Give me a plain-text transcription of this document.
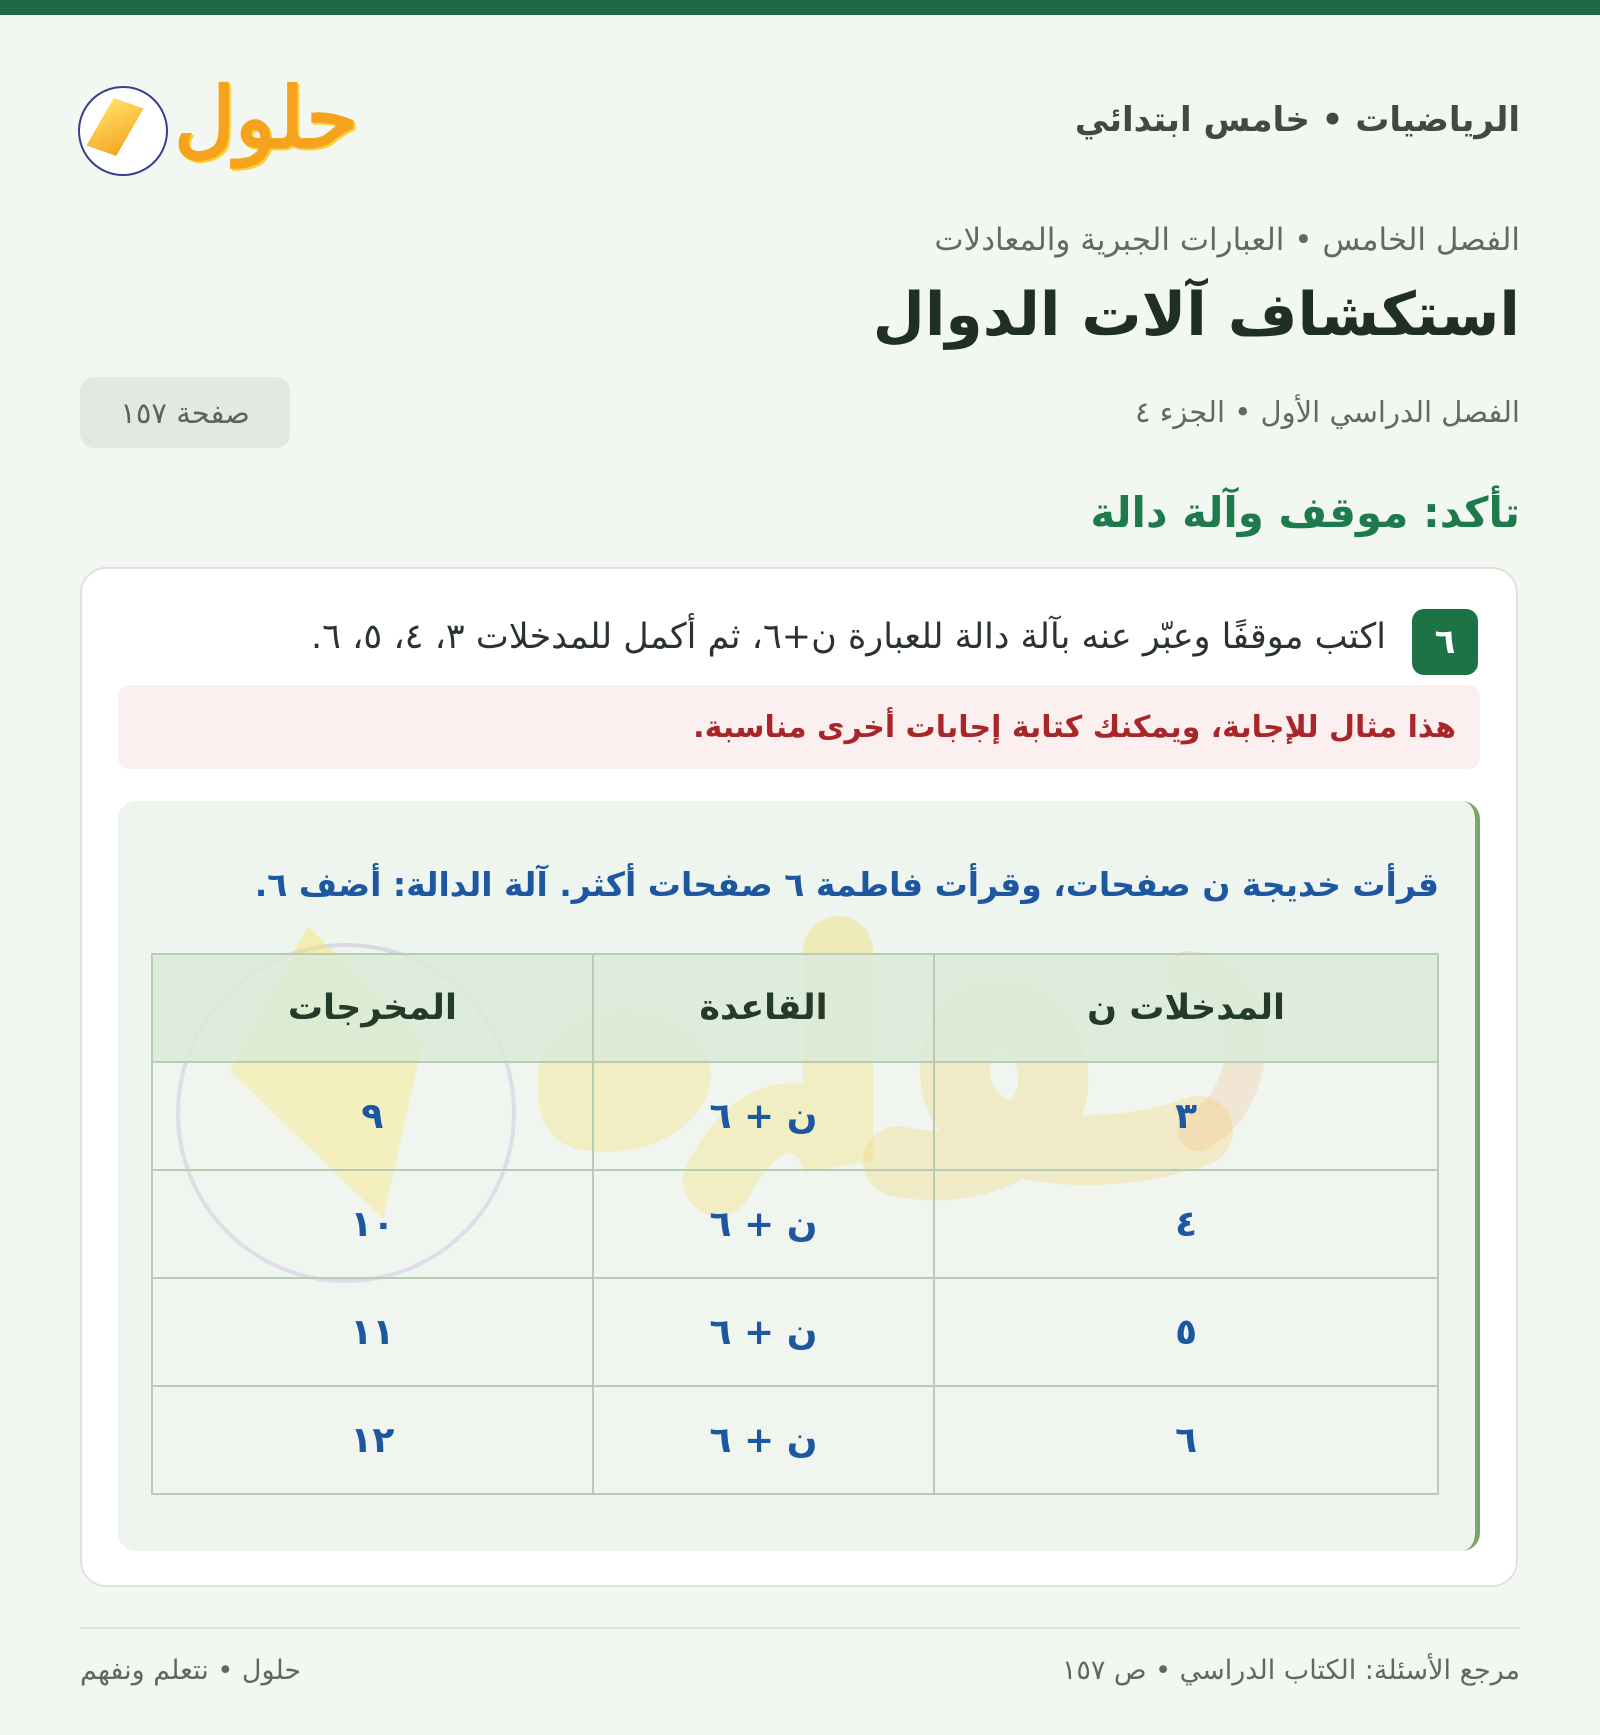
الرياضيات • خامس ابتدائي
حلول
الفصل الخامس • العبارات الجبرية والمعادلات
استكشاف آلات الدوال
الفصل الدراسي الأول • الجزء ٤
صفحة ١٥٧
تأكد: موقف وآلة دالة
٦
اكتب موقفًا وعبّر عنه بآلة دالة للعبارة ن+٦، ثم أكمل للمدخلات ٣، ٤، ٥، ٦.
هذا مثال للإجابة، ويمكنك كتابة إجابات أخرى مناسبة.
قرأت خديجة ن صفحات، وقرأت فاطمة ٦ صفحات أكثر. آلة الدالة: أضف ٦.
المدخلات ن	القاعدة	المخرجات
٣	ن + ٦	٩
٤	ن + ٦	١٠
٥	ن + ٦	١١
٦	ن + ٦	١٢
مرجع الأسئلة: الكتاب الدراسي • ص ١٥٧
حلول • نتعلم ونفهم
